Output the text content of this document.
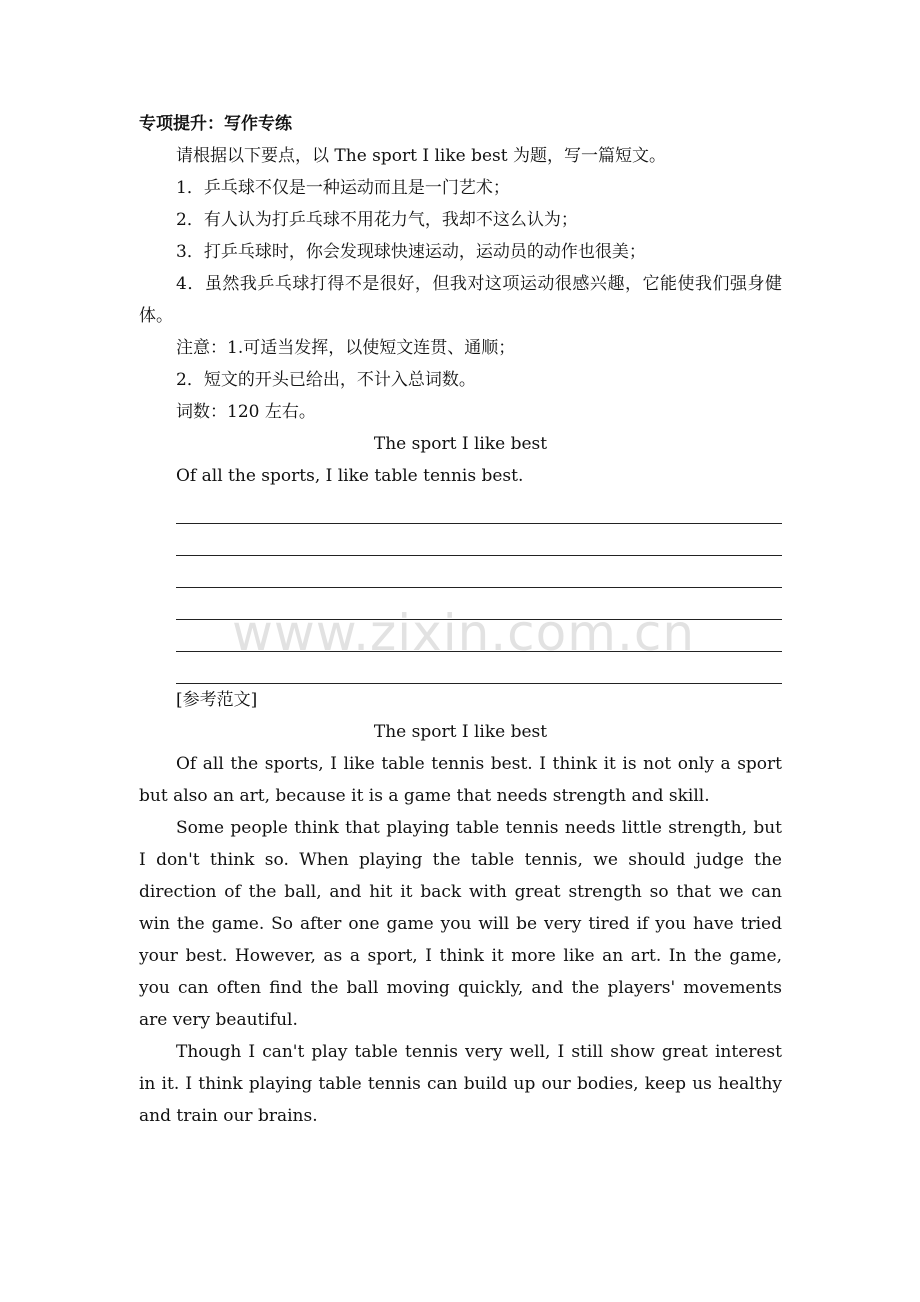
专项提升：写作专练

请根据以下要点，以 The sport I like best 为题，写一篇短文。

1．乒乓球不仅是一种运动而且是一门艺术；

2．有人认为打乒乓球不用花力气，我却不这么认为；

3．打乒乓球时，你会发现球快速运动，运动员的动作也很美；

4．虽然我乒乓球打得不是很好，但我对这项运动很感兴趣，它能使我们强身健体。

注意：1.可适当发挥，以使短文连贯、通顺；

2．短文的开头已给出，不计入总词数。

词数：120 左右。

The sport I like best

Of all the sports, I like table tennis best.

[参考范文]

The sport I like best

Of all the sports, I like table tennis best. I think it is not only a sport but also an art, because it is a game that needs strength and skill.

Some people think that playing table tennis needs little strength, but I don't think so. When playing the table tennis, we should judge the direction of the ball, and hit it back with great strength so that we can win the game. So after one game you will be very tired if you have tried your best. However, as a sport, I think it more like an art. In the game, you can often find the ball moving quickly, and the players' movements are very beautiful.

Though I can't play table tennis very well, I still show great interest in it. I think playing table tennis can build up our bodies, keep us healthy and train our brains.

www.zixin.com.cn
